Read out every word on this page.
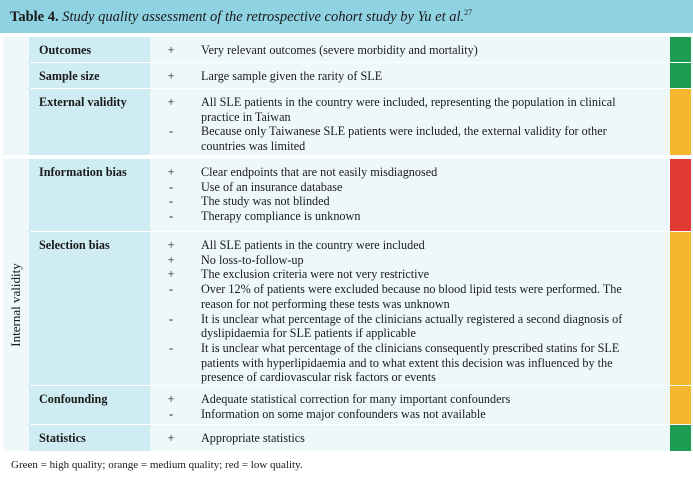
Table 4. Study quality assessment of the retrospective cohort study by Yu et al.$^{27}$
Internal validity
Outcomes	+ Very relevant outcomes (severe morbidity and mortality)
Sample size	+ Large sample given the rarity of SLE
External validity	+ All SLE patients in the country were included, representing the population in clinical
practice in Taiwan
-	Because only Taiwanese SLE patients were included, the external validity for other
countries was limited
Information bias	+ Clear endpoints that are not easily misdiagnosed
-	Use of an insurance database
-	The study was not blinded
-	Therapy compliance is unknown
Selection bias	+ All SLE patients in the country were included
+ No loss-to-follow-up
+ The exclusion criteria were not very restrictive
-	Over 12% of patients were excluded because no blood lipid tests were performed. The
reason for not performing these tests was unknown
-	It is unclear what percentage of the clinicians actually registered a second diagnosis of
dyslipidaemia for SLE patients if applicable
-	It is unclear what percentage of the clinicians consequently prescribed statins for SLE
patients with hyperlipidaemia and to what extent this decision was influenced by the
presence of cardiovascular risk factors or events
Confounding	+ Adequate statistical correction for many important confounders
-	Information on some major confounders was not available
Statistics	+ Appropriate statistics
Green = high quality; orange = medium quality; red = low quality.
